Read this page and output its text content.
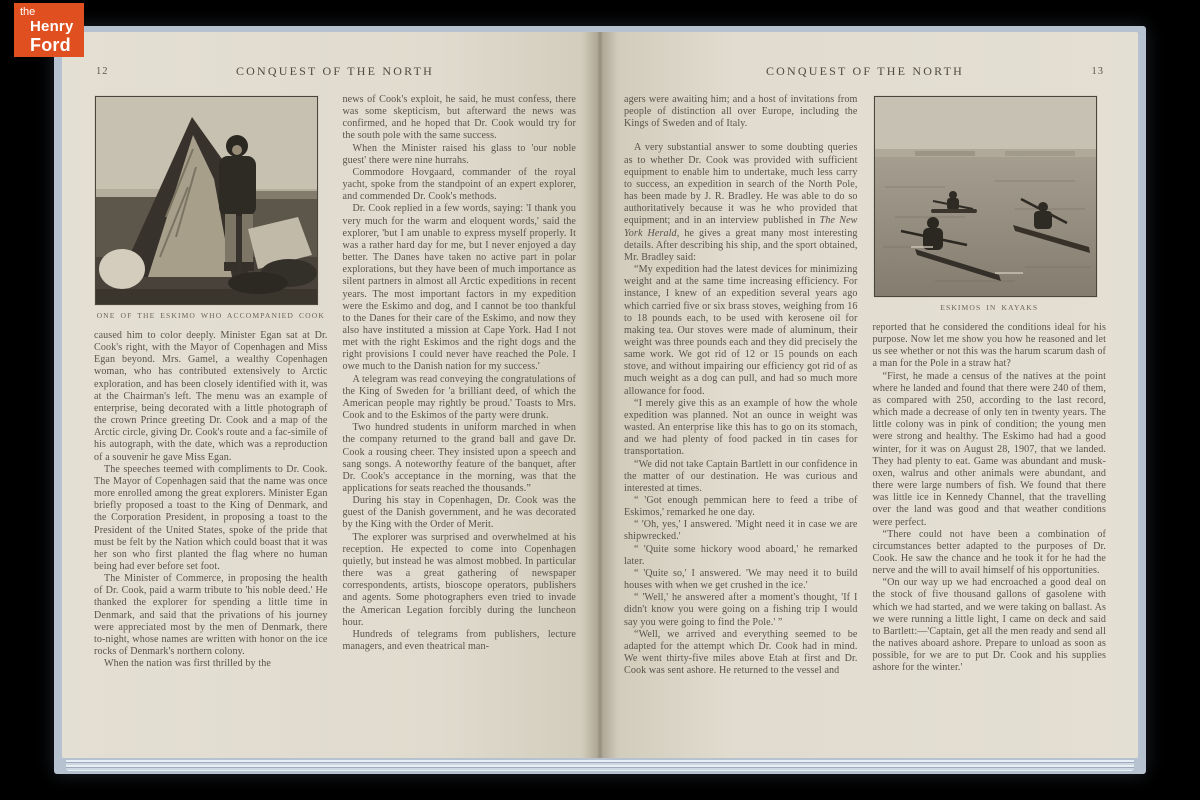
the
Henry
Ford
12	CONQUEST OF THE NORTH
ONE OF THE ESKIMO WHO ACCOMPANIED COOK

caused him to color deeply. Minister Egan sat at Dr. Cook's right, with the Mayor of Copenhagen and Miss Egan beyond. Mrs. Gamel, a wealthy Copenhagen woman, who has contributed extensively to Arctic exploration, and has been closely identified with it, was at the Chairman's left. The menu was an example of enterprise, being decorated with a little photograph of the crown Prince greeting Dr. Cook and a map of the Arctic circle, giving Dr. Cook's route and a fac-simile of his autograph, with the date, which was a reproduction of a souvenir he gave Miss Egan.

The speeches teemed with compliments to Dr. Cook. The Mayor of Copenhagen said that the name was once more enrolled among the great explorers. Minister Egan briefly proposed a toast to the King of Denmark, and the Corporation President, in proposing a toast to the President of the United States, spoke of the pride that must be felt by the Nation which could boast that it was her son who first planted the flag where no human being had ever before set foot.

The Minister of Commerce, in proposing the health of Dr. Cook, paid a warm tribute to 'his noble deed.' He thanked the explorer for spending a little time in Denmark, and said that the privations of his journey were appreciated most by the men of Denmark, there to-night, whose names are written with honor on the ice rocks of Denmark's northern colony.

When the nation was first thrilled by the

news of Cook's exploit, he said, he must confess, there was some skepticism, but afterward the news was confirmed, and he hoped that Dr. Cook would try for the south pole with the same success.

When the Minister raised his glass to 'our noble guest' there were nine hurrahs.

Commodore Hovgaard, commander of the royal yacht, spoke from the standpoint of an expert explorer, and commended Dr. Cook's methods.

Dr. Cook replied in a few words, saying: 'I thank you very much for the warm and eloquent words,' said the explorer, 'but I am unable to express myself properly. It was a rather hard day for me, but I never enjoyed a day better. The Danes have taken no active part in polar explorations, but they have been of much importance as silent partners in almost all Arctic expeditions in recent years. The most important factors in my expedition were the Eskimo and dog, and I cannot be too thankful to the Danes for their care of the Eskimo, and now they also have instituted a mission at Cape York. Had I not met with the right Eskimos and the right dogs and the right provisions I could never have reached the Pole. I owe much to the Danish nation for my success.'

A telegram was read conveying the congratulations of the King of Sweden for 'a brilliant deed, of which the American people may rightly be proud.' Toasts to Mrs. Cook and to the Eskimos of the party were drunk.

Two hundred students in uniform marched in when the company returned to the grand ball and gave Dr. Cook a rousing cheer. They insisted upon a speech and sang songs. A noteworthy feature of the banquet, after Dr. Cook's acceptance in the morning, was that the applications for seats reached the thousands.”

During his stay in Copenhagen, Dr. Cook was the guest of the Danish government, and he was decorated by the King with the Order of Merit.

The explorer was surprised and overwhelmed at his reception. He expected to come into Copenhagen quietly, but instead he was almost mobbed. In particular there was a great gathering of newspaper correspondents, artists, bioscope operators, publishers and agents. Some photographers even tried to invade the American Legation forcibly during the luncheon hour.

Hundreds of telegrams from publishers, lecture managers, and even theatrical man-

13
CONQUEST OF THE NORTH

agers were awaiting him; and a host of invitations from people of distinction all over Europe, including the Kings of Sweden and of Italy.

A very substantial answer to some doubting queries as to whether Dr. Cook was provided with sufficient equipment to enable him to undertake, much less carry to success, an expedition in search of the North Pole, has been made by J. R. Bradley. He was able to do so authoritatively because it was he who provided that equipment; and in an interview published in The New York Herald, he gives a great many most interesting details. After describing his ship, and the sport obtained, Mr. Bradley said:

“My expedition had the latest devices for minimizing weight and at the same time increasing efficiency. For instance, I knew of an expedition several years ago which carried five or six brass stoves, weighing from 16 to 18 pounds each, to be used with kerosene oil for making tea. Our stoves were made of aluminum, their weight was three pounds each and they did precisely the same work. We got rid of 12 or 15 pounds on each stove, and without impairing our efficiency got rid of as much weight as a dog can pull, and had so much more allowance for food.

“I merely give this as an example of how the whole expedition was planned. Not an ounce in weight was wasted. An enterprise like this has to go on its stomach, and we had plenty of food packed in tin cases for transportation.

“We did not take Captain Bartlett in our confidence in the matter of our destination. He was curious and interested at times.

“ 'Got enough pemmican here to feed a tribe of Eskimos,' remarked he one day.

“ 'Oh, yes,' I answered. 'Might need it in case we are shipwrecked.'

“ 'Quite some hickory wood aboard,' he remarked later.

“ 'Quite so,' I answered. 'We may need it to build houses with when we get crushed in the ice.'

“ 'Well,' he answered after a moment's thought, 'If I didn't know you were going on a fishing trip I would say you were going to find the Pole.' ”

“Well, we arrived and everything seemed to be adapted for the attempt which Dr. Cook had in mind. We went thirty-five miles above Etah at first and Dr. Cook was sent ashore. He returned to the vessel and

ESKIMOS IN KAYAKS

reported that he considered the conditions ideal for his purpose. Now let me show you how he reasoned and let us see whether or not this was the harum scarum dash of a man for the Pole in a straw hat?

“First, he made a census of the natives at the point where he landed and found that there were 240 of them, as compared with 250, according to the last record, which made a decrease of only ten in twenty years. The little colony was in pink of condition; the young men were strong and healthy. The Eskimo had had a good winter, for it was on August 28, 1907, that we landed. They had plenty to eat. Game was abundant and musk-oxen, walrus and other animals were abundant, and there were large numbers of fish. We found that there was little ice in Kennedy Channel, that the travelling over the land was good and that weather conditions were perfect.

“There could not have been a combination of circumstances better adapted to the purposes of Dr. Cook. He saw the chance and he took it for he had the nerve and the will to avail himself of his opportunities.

“On our way up we had encroached a good deal on the stock of five thousand gallons of gasolene with which we had started, and we were taking on ballast. As we were running a little light, I came on deck and said to Bartlett:—'Captain, get all the men ready and send all the natives aboard ashore. Prepare to unload as soon as possible, for we are to put Dr. Cook and his supplies ashore for the winter.'
